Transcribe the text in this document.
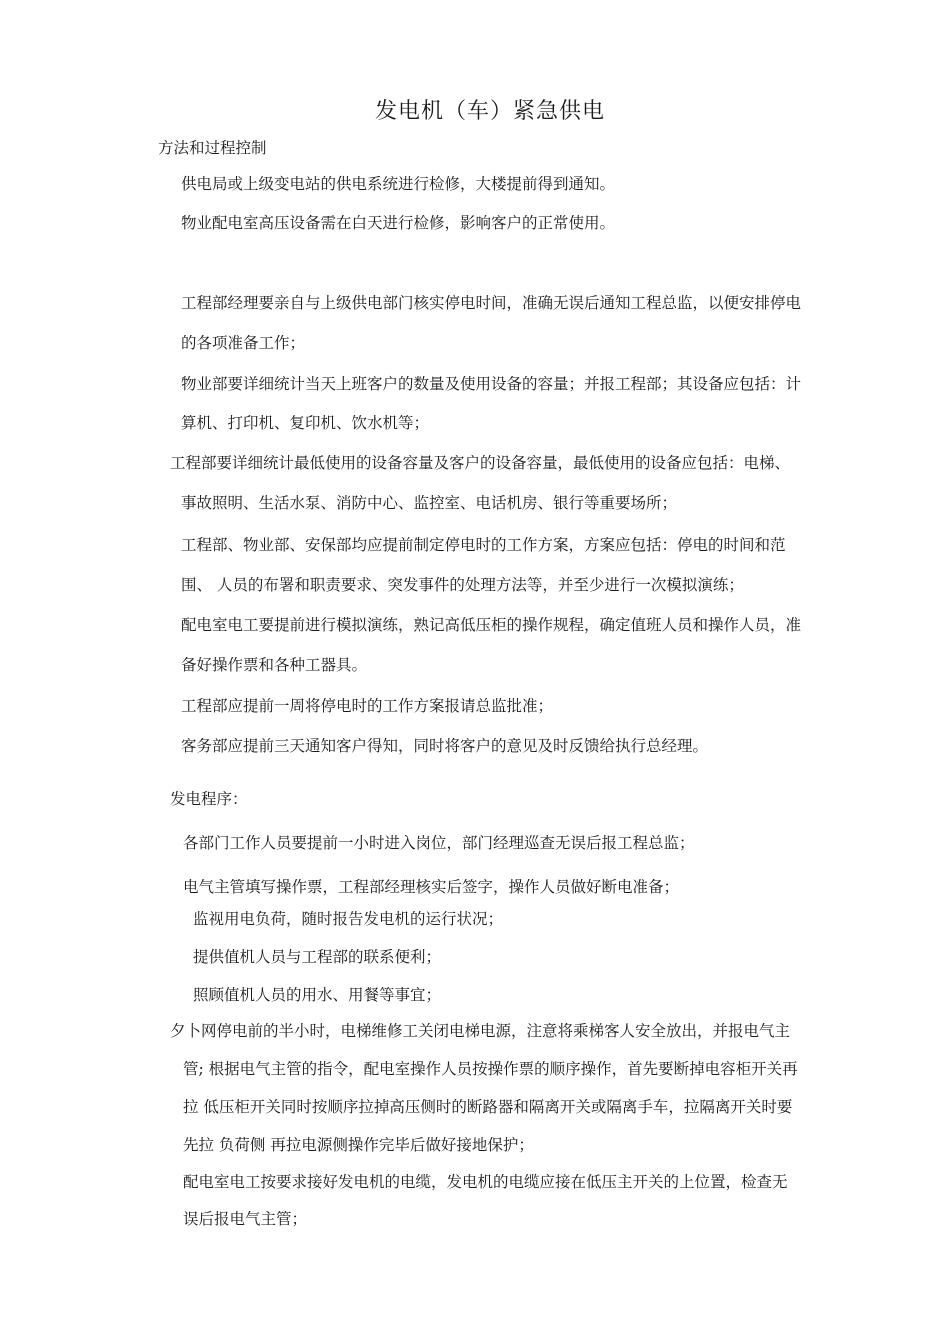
发电机（车）紧急供电
方法和过程控制
供电局或上级变电站的供电系统进行检修，大楼提前得到通知。
物业配电室高压设备需在白天进行检修，影响客户的正常使用。
工程部经理要亲自与上级供电部门核实停电时间，准确无误后通知工程总监，以便安排停电
的各项准备工作；
物业部要详细统计当天上班客户的数量及使用设备的容量；并报工程部；其设备应包括：计
算机、打印机、复印机、饮水机等；
工程部要详细统计最低使用的设备容量及客户的设备容量，最低使用的设备应包括：电梯、
事故照明、生活水泵、消防中心、监控室、电话机房、银行等重要场所；
工程部、物业部、安保部均应提前制定停电时的工作方案，方案应包括：停电的时间和范
围、 人员的布署和职责要求、突发事件的处理方法等，并至少进行一次模拟演练；
配电室电工要提前进行模拟演练，熟记高低压柜的操作规程，确定值班人员和操作人员，准
备好操作票和各种工器具。
工程部应提前一周将停电时的工作方案报请总监批准；
客务部应提前三天通知客户得知，同时将客户的意见及时反馈给执行总经理。
发电程序：
各部门工作人员要提前一小时进入岗位，部门经理巡查无误后报工程总监；
电气主管填写操作票，工程部经理核实后签字，操作人员做好断电准备；
监视用电负荷，随时报告发电机的运行状况；
提供值机人员与工程部的联系便利；
照顾值机人员的用水、用餐等事宜；
夕卜网停电前的半小时，电梯维修工关闭电梯电源，注意将乘梯客人安全放出，并报电气主
管; 根据电气主管的指令，配电室操作人员按操作票的顺序操作，首先要断掉电容柜开关再
拉 低压柜开关同时按顺序拉掉高压侧时的断路器和隔离开关或隔离手车，拉隔离开关时要
先拉 负荷侧 再拉电源侧操作完毕后做好接地保护；
配电室电工按要求接好发电机的电缆，发电机的电缆应接在低压主开关的上位置，检查无
误后报电气主管；
